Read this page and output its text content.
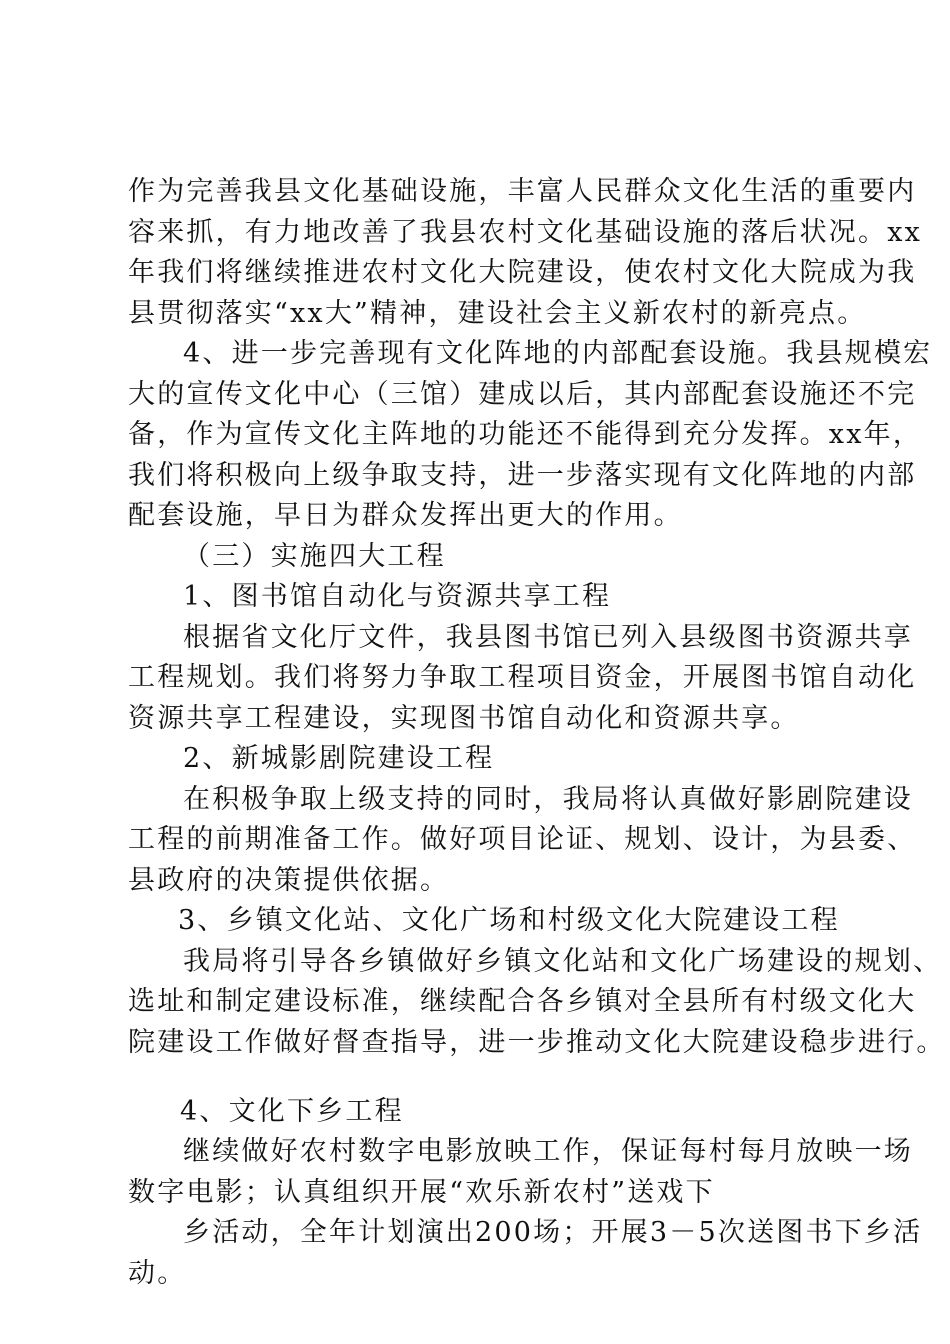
作为完善我县文化基础设施，丰富人民群众文化生活的重要内
容来抓，有力地改善了我县农村文化基础设施的落后状况。xx
年我们将继续推进农村文化大院建设，使农村文化大院成为我
县贯彻落实“xx大”精神，建设社会主义新农村的新亮点。
4、进一步完善现有文化阵地的内部配套设施。我县规模宏
大的宣传文化中心（三馆）建成以后，其内部配套设施还不完
备，作为宣传文化主阵地的功能还不能得到充分发挥。xx年，
我们将积极向上级争取支持，进一步落实现有文化阵地的内部
配套设施，早日为群众发挥出更大的作用。
（三）实施四大工程
1、图书馆自动化与资源共享工程
根据省文化厅文件，我县图书馆已列入县级图书资源共享
工程规划。我们将努力争取工程项目资金，开展图书馆自动化
资源共享工程建设，实现图书馆自动化和资源共享。
2、新城影剧院建设工程
在积极争取上级支持的同时，我局将认真做好影剧院建设
工程的前期准备工作。做好项目论证、规划、设计，为县委、
县政府的决策提供依据。
3、乡镇文化站、文化广场和村级文化大院建设工程
我局将引导各乡镇做好乡镇文化站和文化广场建设的规划、
选址和制定建设标准，继续配合各乡镇对全县所有村级文化大
院建设工作做好督查指导，进一步推动文化大院建设稳步进行。
4、文化下乡工程
继续做好农村数字电影放映工作，保证每村每月放映一场
数字电影；认真组织开展“欢乐新农村”送戏下
乡活动，全年计划演出200场；开展3－5次送图书下乡活
动。
